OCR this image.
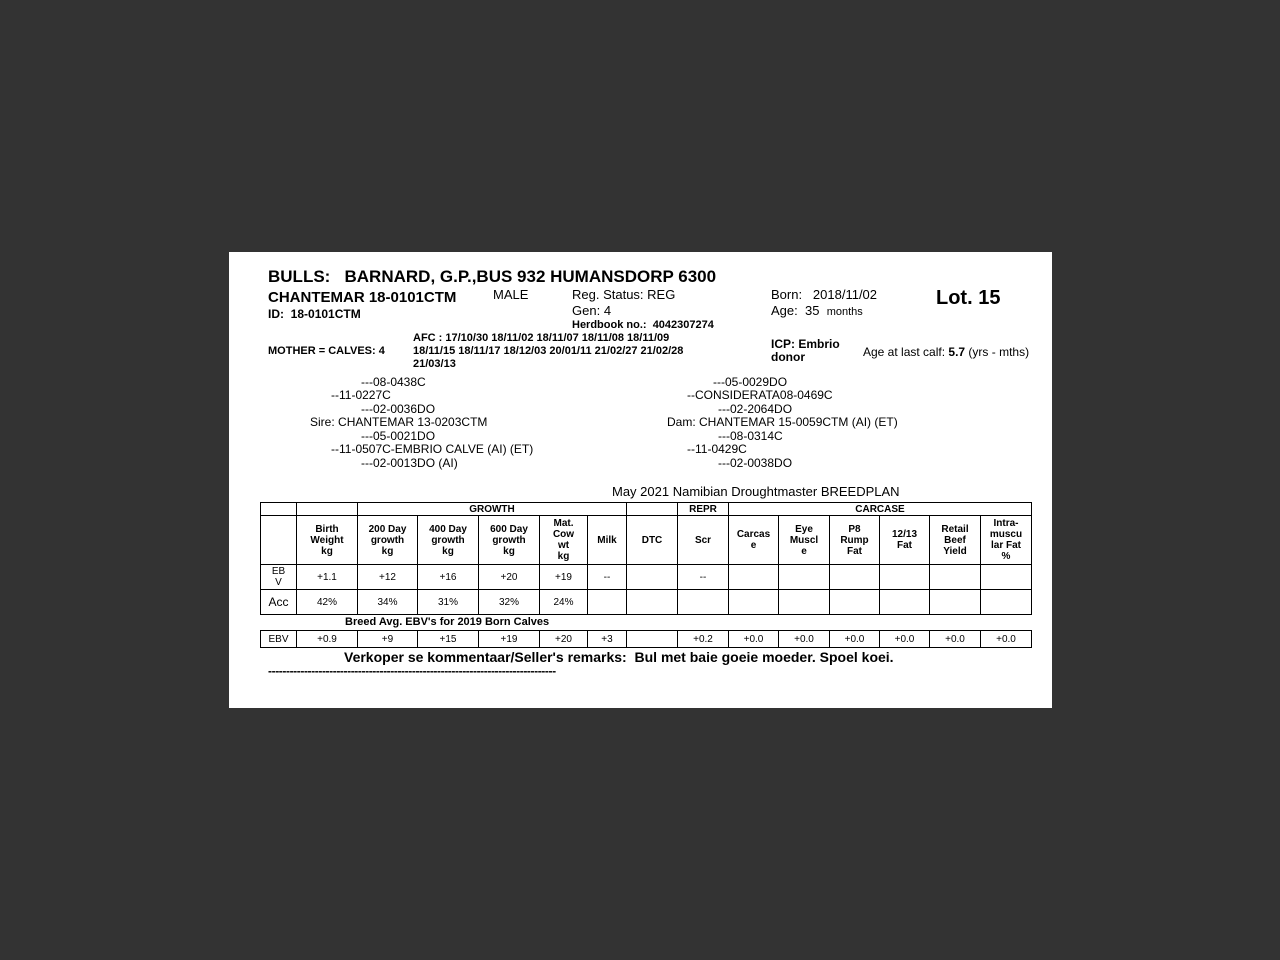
BULLS: BARNARD, G.P.,BUS 932 HUMANSDORP 6300
CHANTEMAR 18-0101CTM	MALE
ID: 18-0101CTM
Reg. Status: REG
Gen: 4
Herdbook no.: 4042307274
Born: 2018/11/02
Age: 35 months
Lot. 15
AFC : 17/10/30 18/11/02 18/11/07 18/11/08 18/11/09
18/11/15 18/11/17 18/12/03 20/01/11 21/02/27 21/02/28
21/03/13
MOTHER = CALVES: 4	ICP: Embrio
donor	Age at last calf: 5.7 (yrs - mths)
---08-0438C
--11-0227C
---02-0036DO
Sire: CHANTEMAR 13-0203CTM
---05-0021DO
--11-0507C-EMBRIO CALVE (AI) (ET)
---02-0013DO (AI)
---05-0029DO
--CONSIDERATA08-0469C
---02-2064DO
Dam: CHANTEMAR 15-0059CTM (AI) (ET)
---08-0314C
--11-0429C
---02-0038DO
May 2021 Namibian Droughtmaster BREEDPLAN
		GROWTH						REPR	CARCASE					
	Birth
Weight
kg	200 Day
growth
kg	400 Day
growth
kg	600 Day
growth
kg	Mat.
Cow
wt
kg	Milk	DTC	Scr	Carcas
e	Eye
Muscl
e	P8
Rump
Fat	12/13
Fat	Retail
Beef
Yield	Intra-
muscu
lar Fat
%
EB
V	+1.1	+12	+16	+20	+19	--		--						
Acc	42%	34%	31%	32%	24%									
Breed Avg. EBV's for 2019 Born Calves
EBV	+0.9	+9	+15	+19	+20	+3		+0.2	+0.0	+0.0	+0.0	+0.0	+0.0	+0.0
Verkoper se kommentaar/Seller's remarks: Bul met baie goeie moeder. Spoel koei.
--------------------------------------------------------------------------------
